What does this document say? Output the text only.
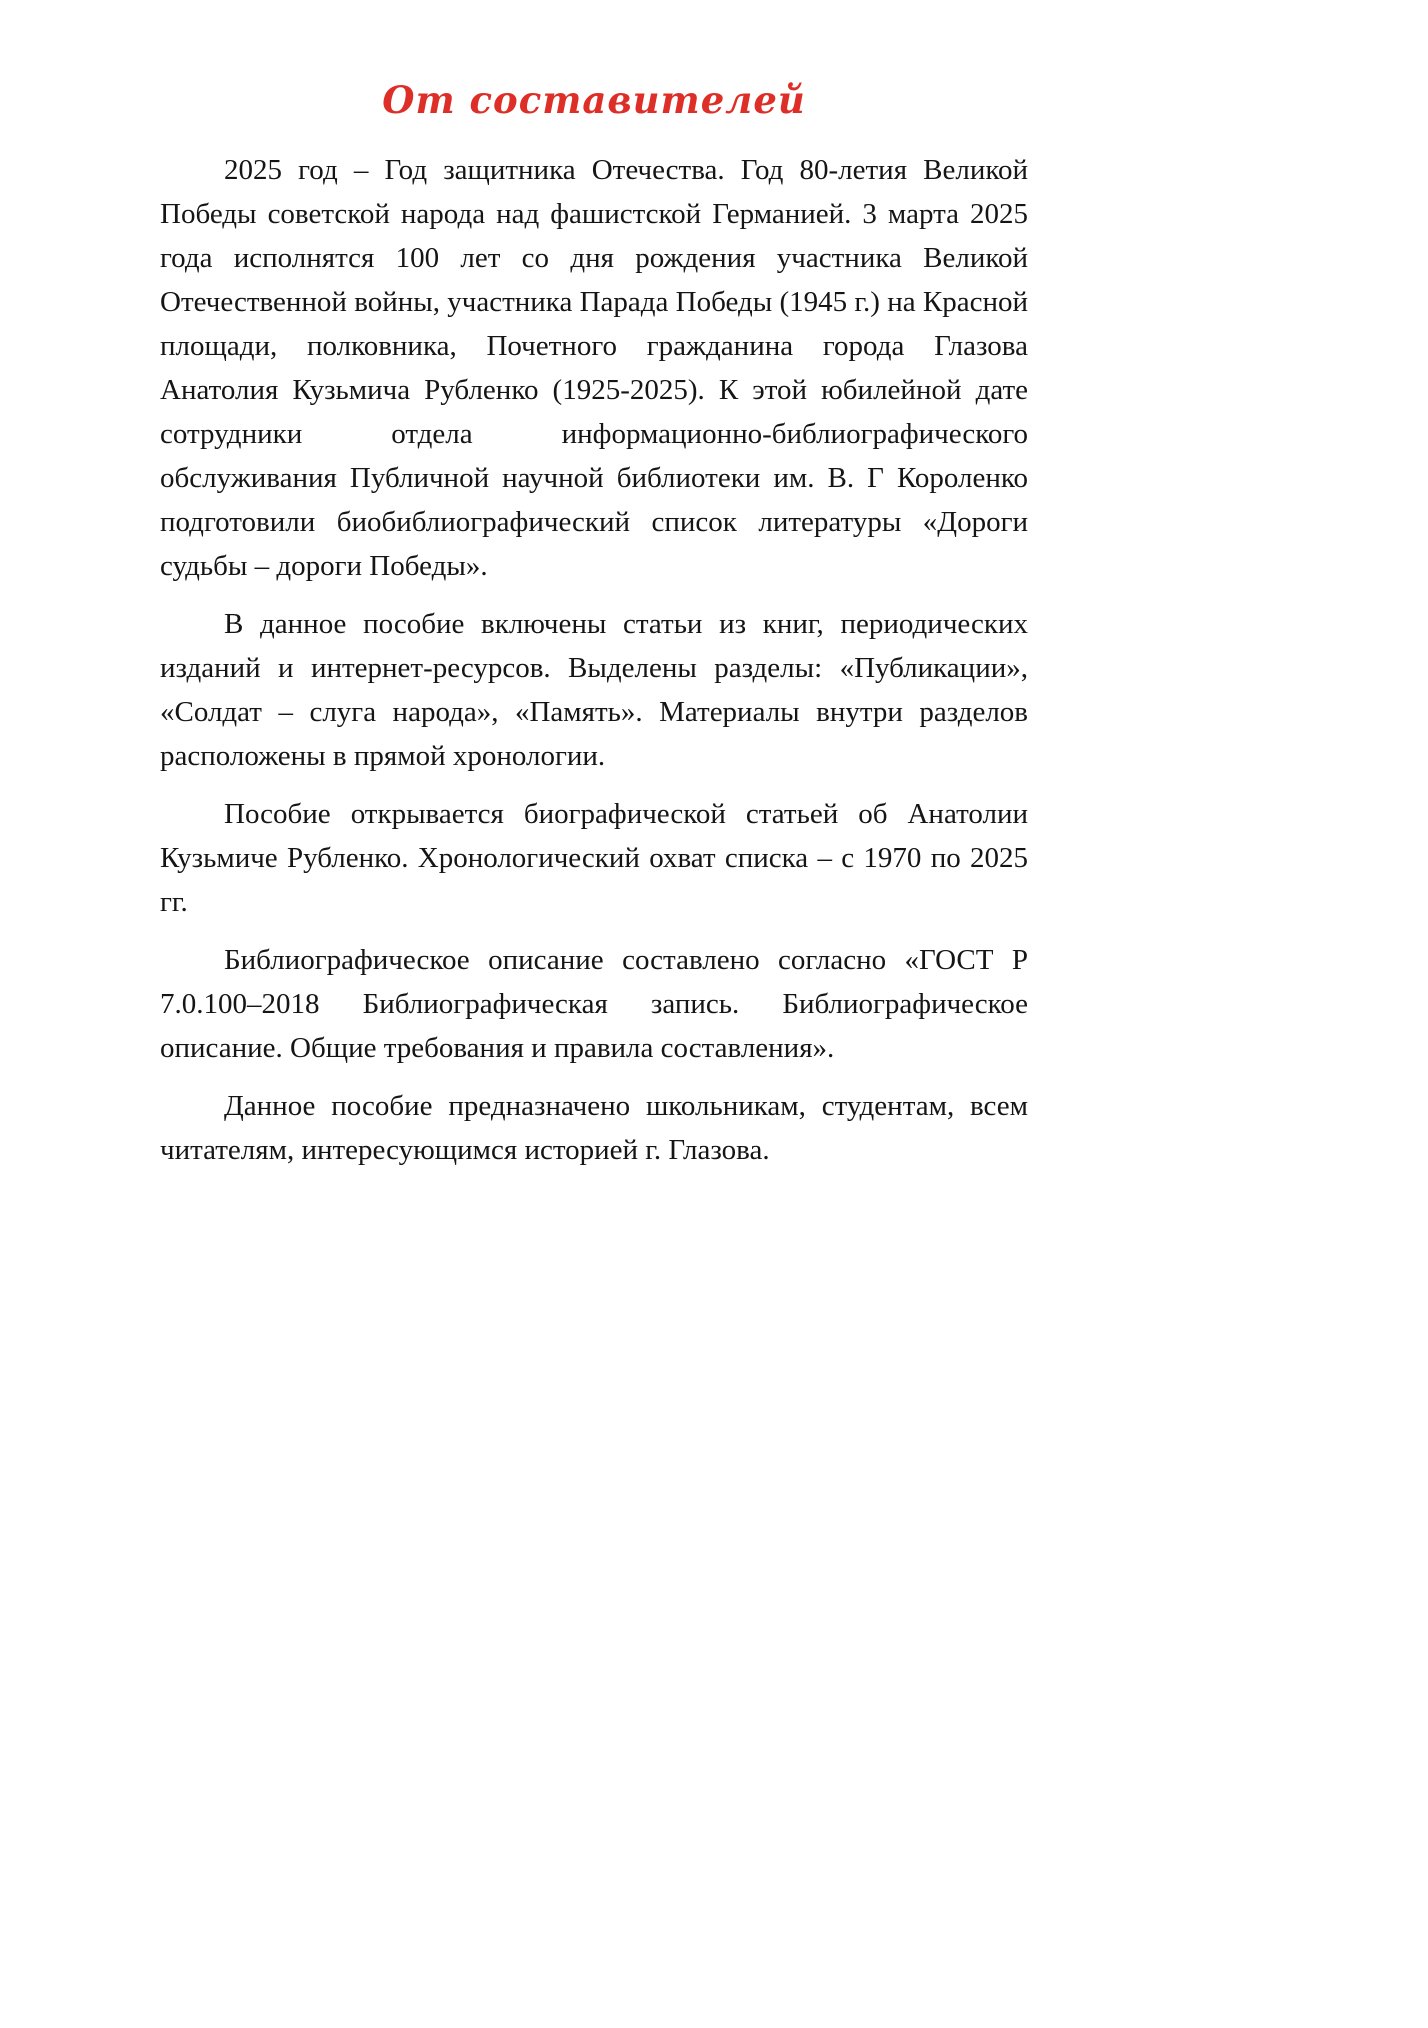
От составителей

2025 год – Год защитника Отечества. Год 80-летия Великой Победы советской народа над фашистской Германией. 3 марта 2025 года исполнятся 100 лет со дня рождения участника Великой Отечественной войны, участника Парада Победы (1945 г.) на Красной площади, полковника, Почетного гражданина города Глазова Анатолия Кузьмича Рубленко (1925-2025). К этой юбилейной дате сотрудники отдела информационно-библиографического обслуживания Публичной научной библиотеки им. В. Г Короленко подготовили биобиблиографический список литературы «Дороги судьбы – дороги Победы».

В данное пособие включены статьи из книг, периодических изданий и интернет-ресурсов. Выделены разделы: «Публикации», «Солдат – слуга народа», «Память». Материалы внутри разделов расположены в прямой хронологии.

Пособие открывается биографической статьей об Анатолии Кузьмиче Рубленко. Хронологический охват списка – с 1970 по 2025 гг.

Библиографическое описание составлено согласно «ГОСТ Р 7.0.100–2018 Библиографическая запись. Библиографическое описание. Общие требования и правила составления».

Данное пособие предназначено школьникам, студентам, всем читателям, интересующимся историей г. Глазова.
